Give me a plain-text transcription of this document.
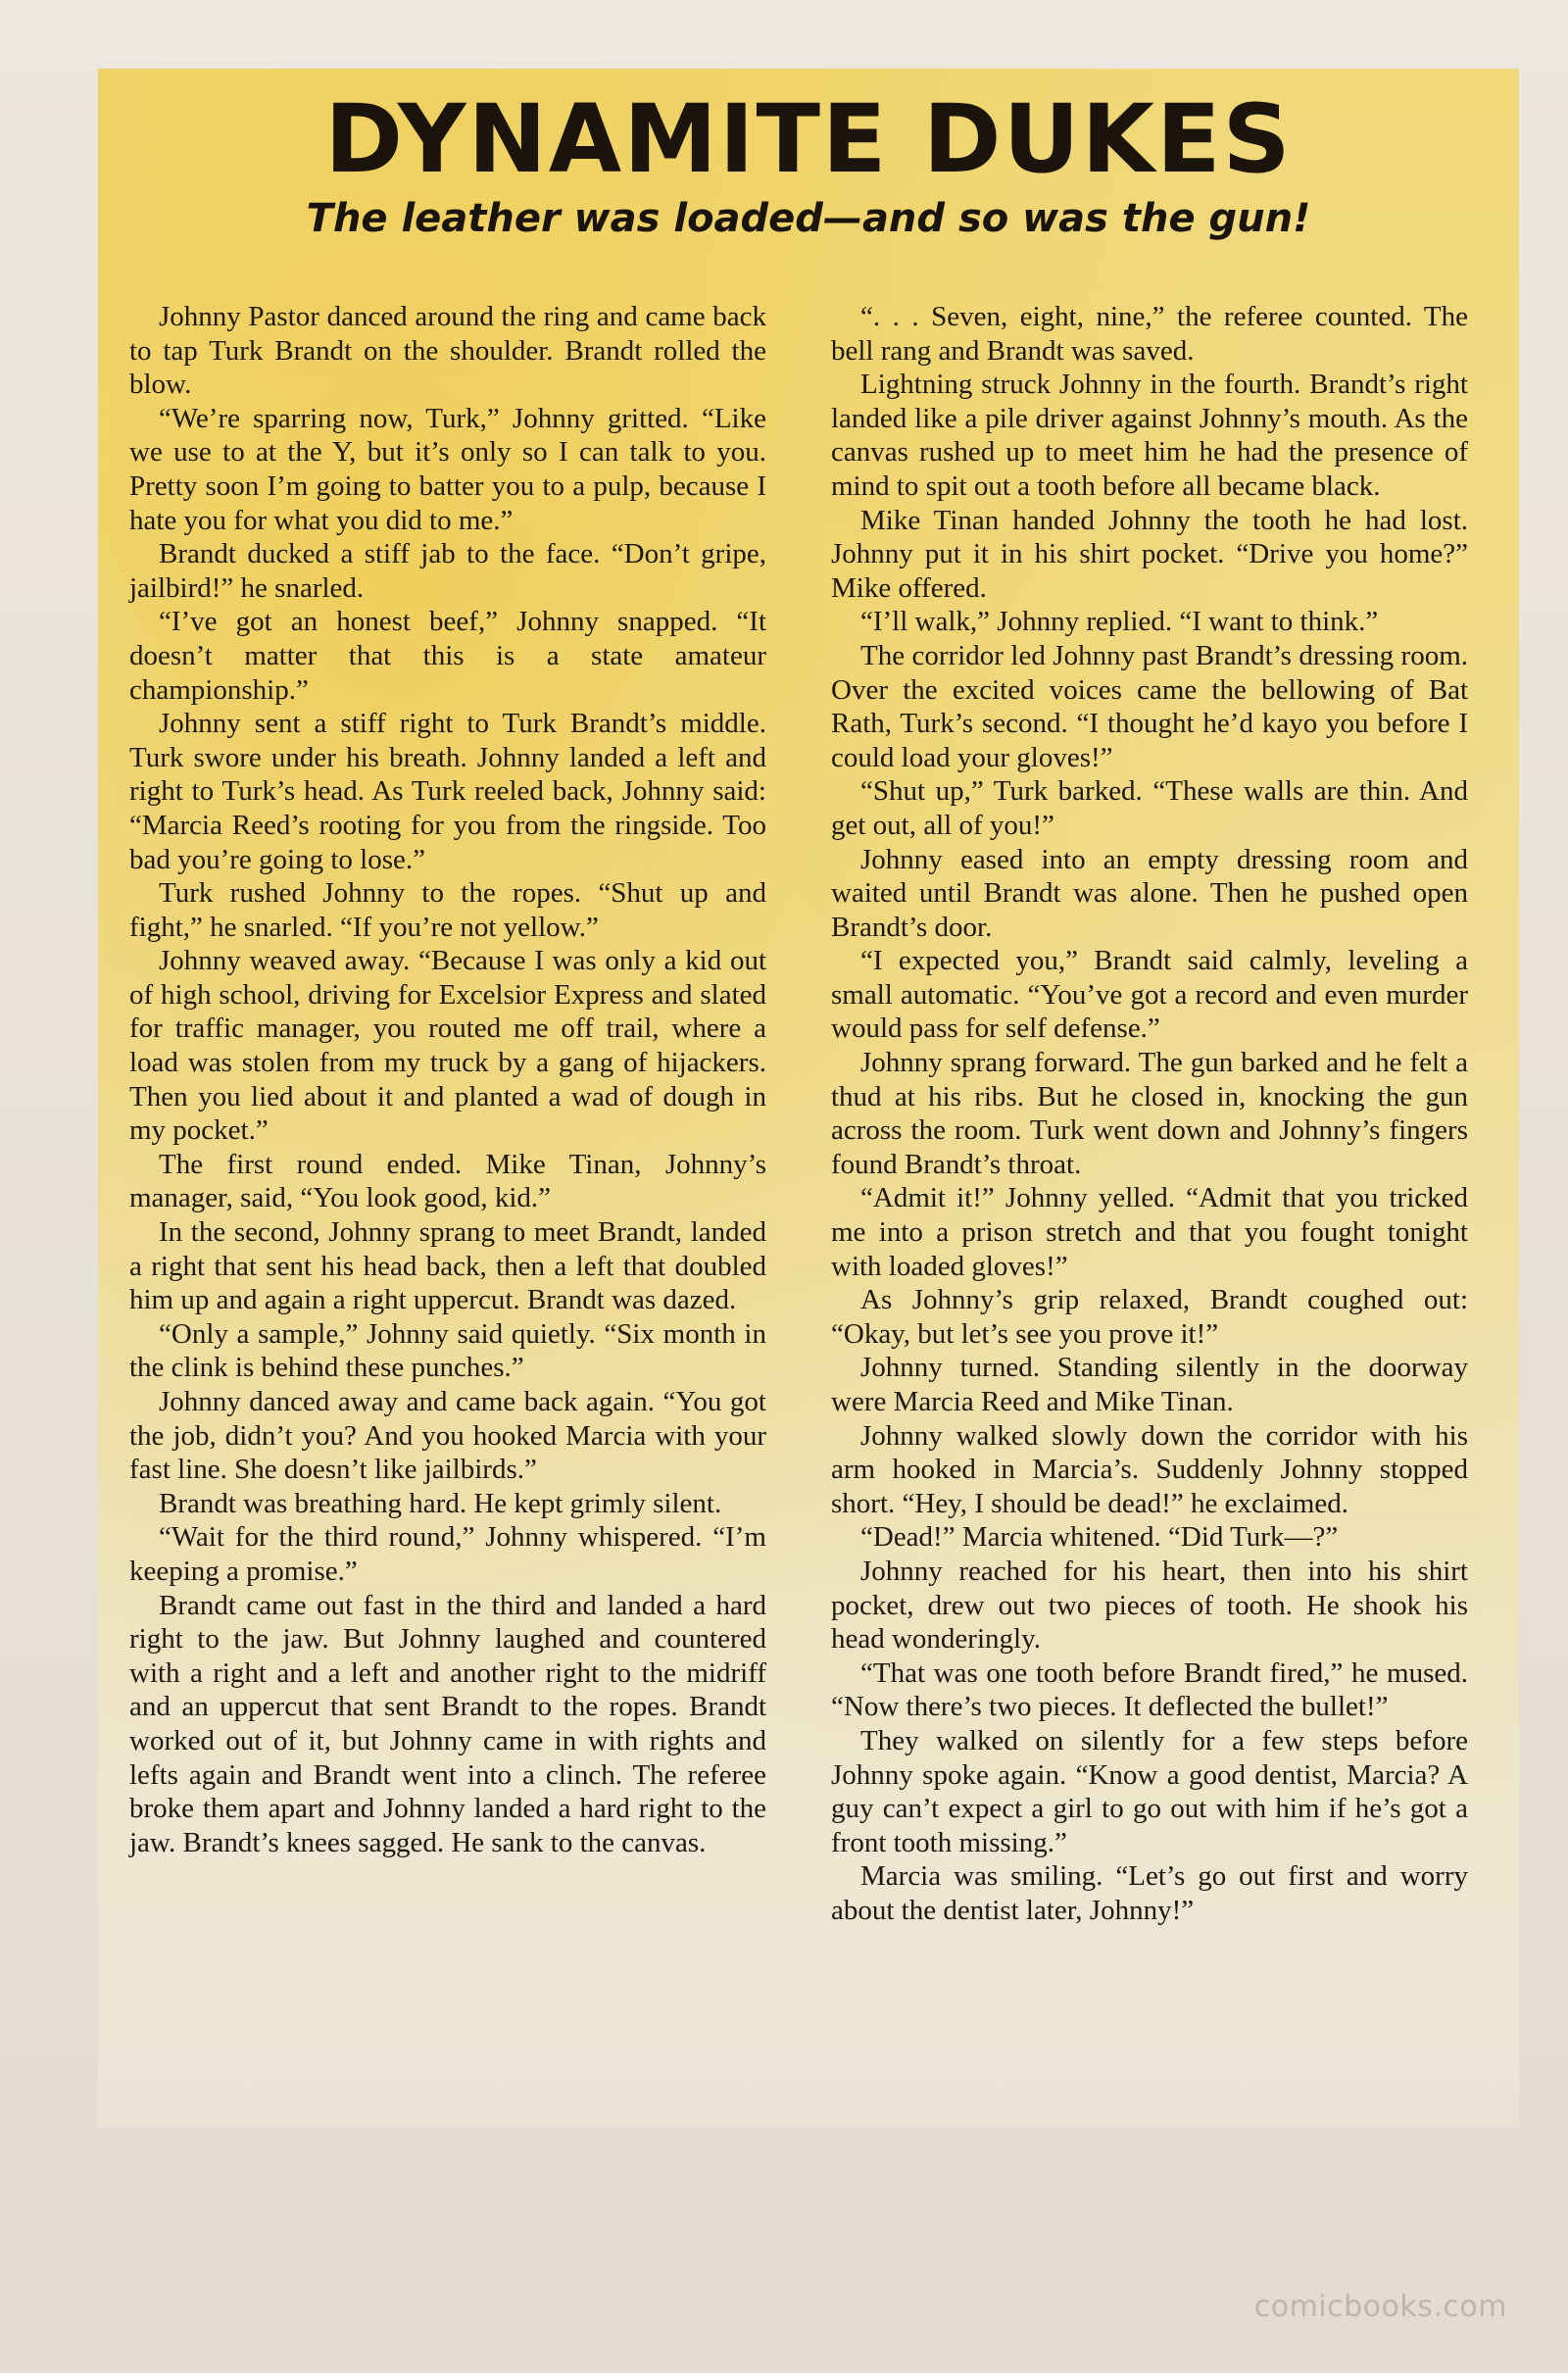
DYNAMITE DUKES
The leather was loaded—and so was the gun!

Johnny Pastor danced around the ring and came back to tap Turk Brandt on the shoulder. Brandt rolled the blow.

“We’re sparring now, Turk,” Johnny gritted. “Like we use to at the Y, but it’s only so I can talk to you. Pretty soon I’m going to batter you to a pulp, because I hate you for what you did to me.”

Brandt ducked a stiff jab to the face. “Don’t gripe, jailbird!” he snarled.

“I’ve got an honest beef,” Johnny snapped. “It doesn’t matter that this is a state amateur championship.”

Johnny sent a stiff right to Turk Brandt’s middle. Turk swore under his breath. Johnny landed a left and right to Turk’s head. As Turk reeled back, Johnny said: “Marcia Reed’s rooting for you from the ringside. Too bad you’re going to lose.”

Turk rushed Johnny to the ropes. “Shut up and fight,” he snarled. “If you’re not yellow.”

Johnny weaved away. “Because I was only a kid out of high school, driving for Excelsior Express and slated for traffic manager, you routed me off trail, where a load was stolen from my truck by a gang of hijackers. Then you lied about it and planted a wad of dough in my pocket.”

The first round ended. Mike Tinan, Johnny’s manager, said, “You look good, kid.”

In the second, Johnny sprang to meet Brandt, landed a right that sent his head back, then a left that doubled him up and again a right uppercut. Brandt was dazed.

“Only a sample,” Johnny said quietly. “Six month in the clink is behind these punches.”

Johnny danced away and came back again. “You got the job, didn’t you? And you hooked Marcia with your fast line. She doesn’t like jailbirds.”

Brandt was breathing hard. He kept grimly silent.

“Wait for the third round,” Johnny whispered. “I’m keeping a promise.”

Brandt came out fast in the third and landed a hard right to the jaw. But Johnny laughed and countered with a right and a left and another right to the midriff and an uppercut that sent Brandt to the ropes. Brandt worked out of it, but Johnny came in with rights and lefts again and Brandt went into a clinch. The referee broke them apart and Johnny landed a hard right to the jaw. Brandt’s knees sagged. He sank to the canvas.

“. . . Seven, eight, nine,” the referee counted. The bell rang and Brandt was saved.

Lightning struck Johnny in the fourth. Brandt’s right landed like a pile driver against Johnny’s mouth. As the canvas rushed up to meet him he had the presence of mind to spit out a tooth before all became black.

Mike Tinan handed Johnny the tooth he had lost. Johnny put it in his shirt pocket. “Drive you home?” Mike offered.

“I’ll walk,” Johnny replied. “I want to think.”

The corridor led Johnny past Brandt’s dressing room. Over the excited voices came the bellowing of Bat Rath, Turk’s second. “I thought he’d kayo you before I could load your gloves!”

“Shut up,” Turk barked. “These walls are thin. And get out, all of you!”

Johnny eased into an empty dressing room and waited until Brandt was alone. Then he pushed open Brandt’s door.

“I expected you,” Brandt said calmly, leveling a small automatic. “You’ve got a record and even murder would pass for self defense.”

Johnny sprang forward. The gun barked and he felt a thud at his ribs. But he closed in, knocking the gun across the room. Turk went down and Johnny’s fingers found Brandt’s throat.

“Admit it!” Johnny yelled. “Admit that you tricked me into a prison stretch and that you fought tonight with loaded gloves!”

As Johnny’s grip relaxed, Brandt coughed out: “Okay, but let’s see you prove it!”

Johnny turned. Standing silently in the doorway were Marcia Reed and Mike Tinan.

Johnny walked slowly down the corridor with his arm hooked in Marcia’s. Suddenly Johnny stopped short. “Hey, I should be dead!” he exclaimed.

“Dead!” Marcia whitened. “Did Turk—?”

Johnny reached for his heart, then into his shirt pocket, drew out two pieces of tooth. He shook his head wonderingly.

“That was one tooth before Brandt fired,” he mused. “Now there’s two pieces. It deflected the bullet!”

They walked on silently for a few steps before Johnny spoke again. “Know a good dentist, Marcia? A guy can’t expect a girl to go out with him if he’s got a front tooth missing.”

Marcia was smiling. “Let’s go out first and worry about the dentist later, Johnny!”

comicbooks.com
